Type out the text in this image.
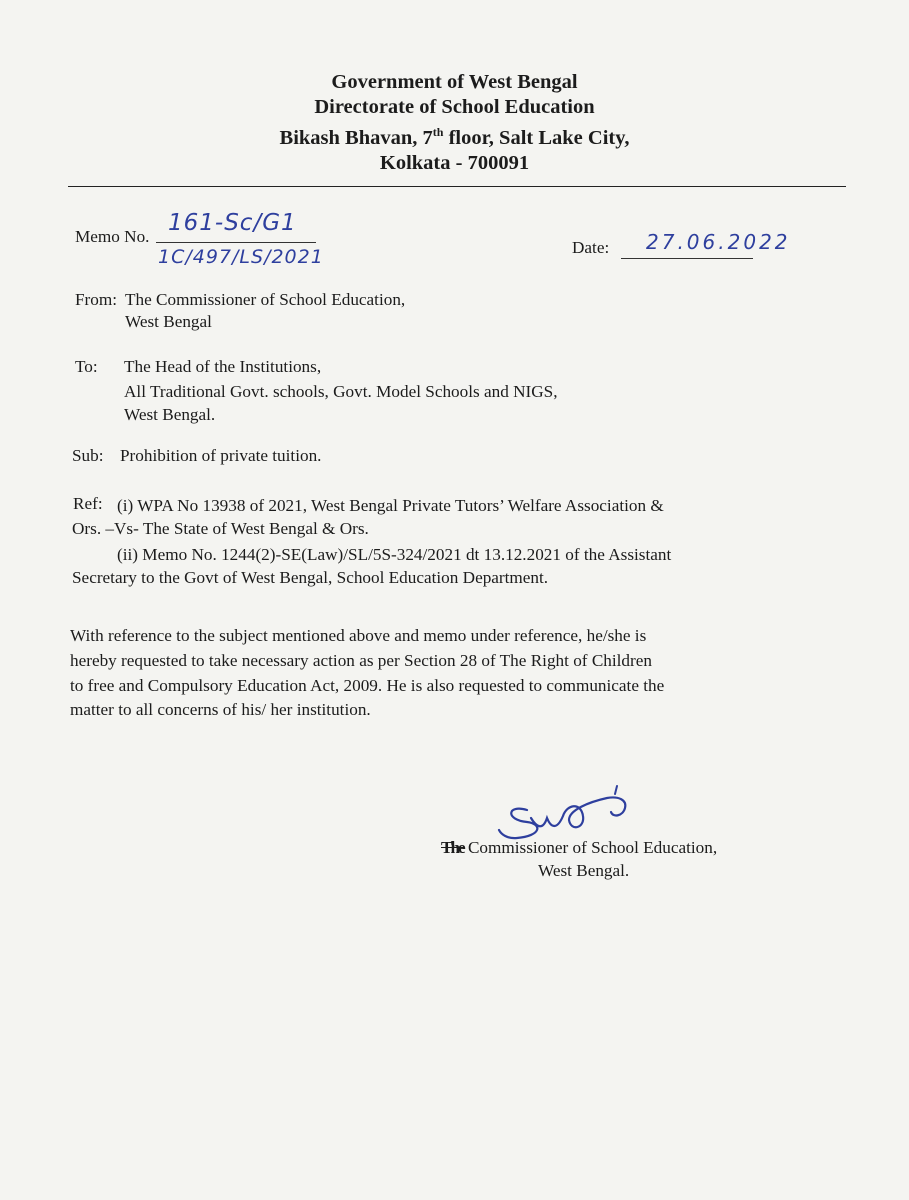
Government of West Bengal
Directorate of School Education
Bikash Bhavan, 7th floor, Salt Lake City,
Kolkata - 700091
Memo No.
161-Sc/G1
1C/497/LS/2021	Date: 27.06.2022
From: The Commissioner of School Education,
West Bengal
To: The Head of the Institutions,
All Traditional Govt. schools, Govt. Model Schools and NIGS,
West Bengal.
Sub: Prohibition of private tuition.
Ref: (i) WPA No 13938 of 2021, West Bengal Private Tutors’ Welfare Association &
Ors. –Vs- The State of West Bengal & Ors.
(ii) Memo No. 1244(2)-SE(Law)/SL/5S-324/2021 dt 13.12.2021 of the Assistant
Secretary to the Govt of West Bengal, School Education Department.
With reference to the subject mentioned above and memo under reference, he/she is
hereby requested to take necessary action as per Section 28 of The Right of Children
to free and Compulsory Education Act, 2009. He is also requested to communicate the
matter to all concerns of his/ her institution.
The Commissioner of School Education,
West Bengal.
